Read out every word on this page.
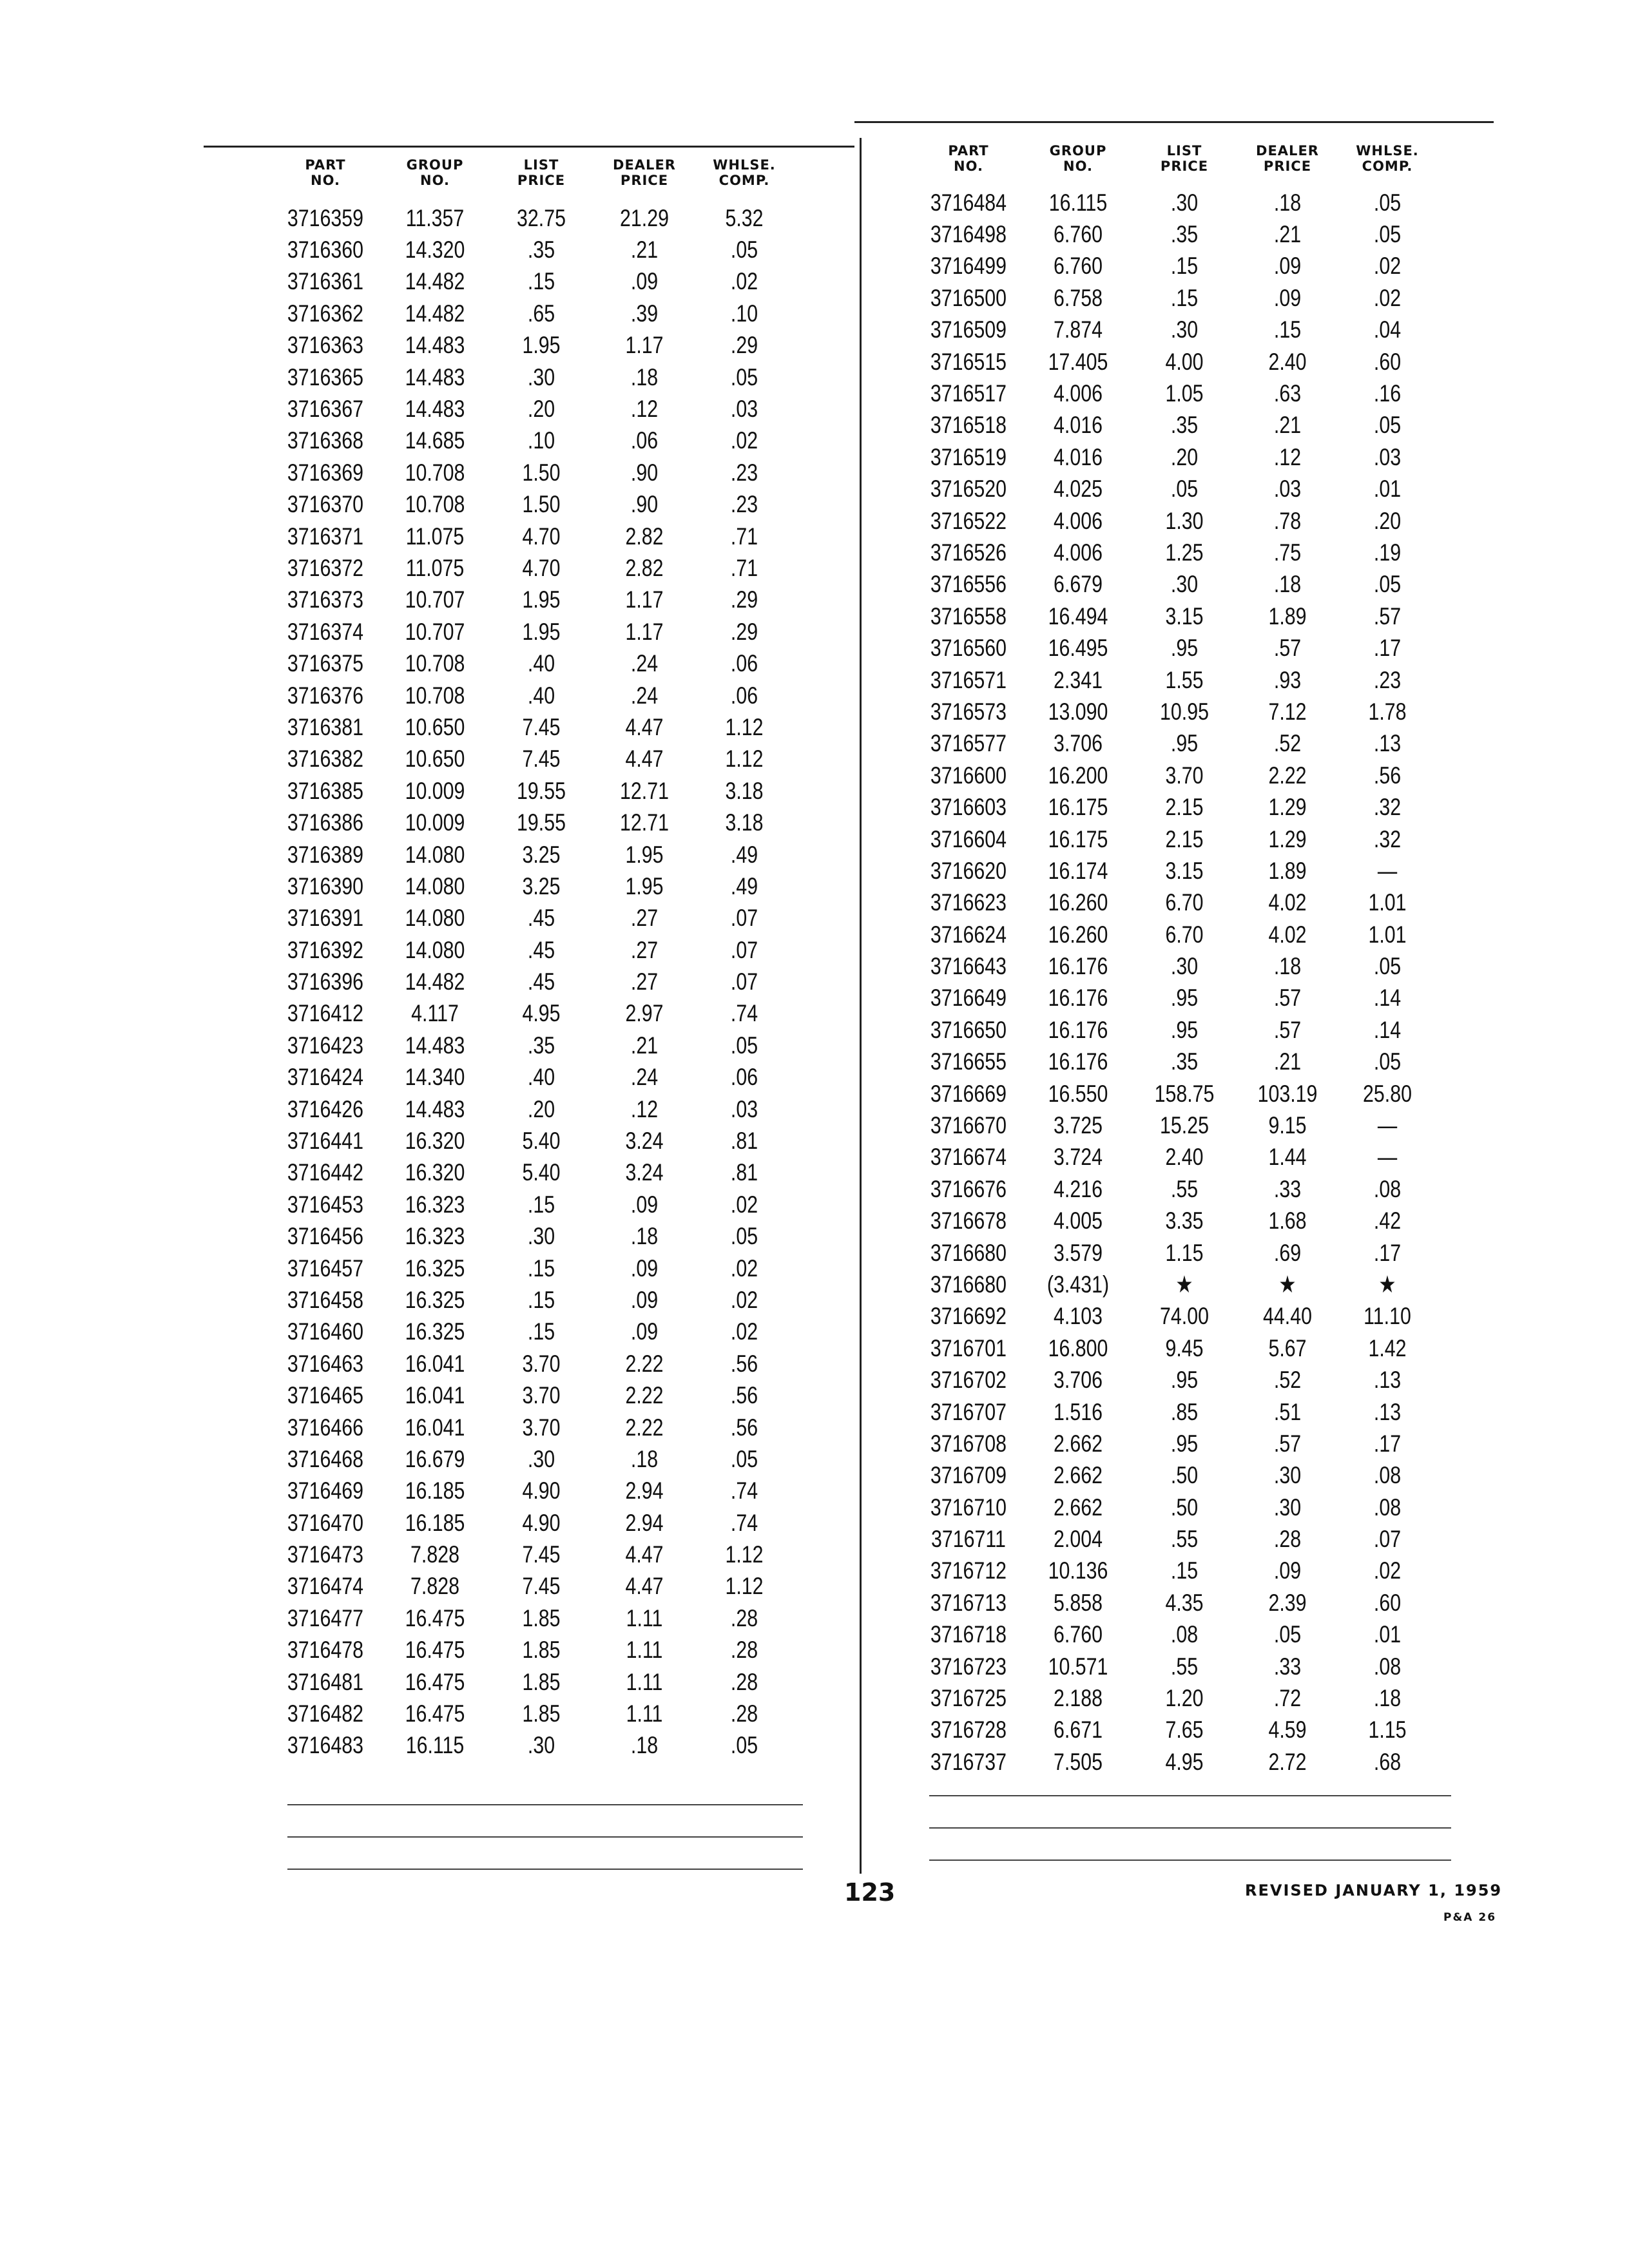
PART
NO.
GROUP
NO.
LIST
PRICE
DEALER
PRICE
WHLSE.
COMP.
3716359	11.357	32.75	21.29	5.32
3716360	14.320	.35	.21	.05
3716361	14.482	.15	.09	.02
3716362	14.482	.65	.39	.10
3716363	14.483	1.95	1.17	.29
3716365	14.483	.30	.18	.05
3716367	14.483	.20	.12	.03
3716368	14.685	.10	.06	.02
3716369	10.708	1.50	.90	.23
3716370	10.708	1.50	.90	.23
3716371	11.075	4.70	2.82	.71
3716372	11.075	4.70	2.82	.71
3716373	10.707	1.95	1.17	.29
3716374	10.707	1.95	1.17	.29
3716375	10.708	.40	.24	.06
3716376	10.708	.40	.24	.06
3716381	10.650	7.45	4.47	1.12
3716382	10.650	7.45	4.47	1.12
3716385	10.009	19.55	12.71	3.18
3716386	10.009	19.55	12.71	3.18
3716389	14.080	3.25	1.95	.49
3716390	14.080	3.25	1.95	.49
3716391	14.080	.45	.27	.07
3716392	14.080	.45	.27	.07
3716396	14.482	.45	.27	.07
3716412	4.117	4.95	2.97	.74
3716423	14.483	.35	.21	.05
3716424	14.340	.40	.24	.06
3716426	14.483	.20	.12	.03
3716441	16.320	5.40	3.24	.81
3716442	16.320	5.40	3.24	.81
3716453	16.323	.15	.09	.02
3716456	16.323	.30	.18	.05
3716457	16.325	.15	.09	.02
3716458	16.325	.15	.09	.02
3716460	16.325	.15	.09	.02
3716463	16.041	3.70	2.22	.56
3716465	16.041	3.70	2.22	.56
3716466	16.041	3.70	2.22	.56
3716468	16.679	.30	.18	.05
3716469	16.185	4.90	2.94	.74
3716470	16.185	4.90	2.94	.74
3716473	7.828	7.45	4.47	1.12
3716474	7.828	7.45	4.47	1.12
3716477	16.475	1.85	1.11	.28
3716478	16.475	1.85	1.11	.28
3716481	16.475	1.85	1.11	.28
3716482	16.475	1.85	1.11	.28
3716483	16.115	.30	.18	.05
PART
NO.
GROUP
NO.
LIST
PRICE
DEALER
PRICE
WHLSE.
COMP.
3716484	16.115	.30	.18	.05
3716498	6.760	.35	.21	.05
3716499	6.760	.15	.09	.02
3716500	6.758	.15	.09	.02
3716509	7.874	.30	.15	.04
3716515	17.405	4.00	2.40	.60
3716517	4.006	1.05	.63	.16
3716518	4.016	.35	.21	.05
3716519	4.016	.20	.12	.03
3716520	4.025	.05	.03	.01
3716522	4.006	1.30	.78	.20
3716526	4.006	1.25	.75	.19
3716556	6.679	.30	.18	.05
3716558	16.494	3.15	1.89	.57
3716560	16.495	.95	.57	.17
3716571	2.341	1.55	.93	.23
3716573	13.090	10.95	7.12	1.78
3716577	3.706	.95	.52	.13
3716600	16.200	3.70	2.22	.56
3716603	16.175	2.15	1.29	.32
3716604	16.175	2.15	1.29	.32
3716620	16.174	3.15	1.89	—
3716623	16.260	6.70	4.02	1.01
3716624	16.260	6.70	4.02	1.01
3716643	16.176	.30	.18	.05
3716649	16.176	.95	.57	.14
3716650	16.176	.95	.57	.14
3716655	16.176	.35	.21	.05
3716669	16.550	158.75	103.19	25.80
3716670	3.725	15.25	9.15	—
3716674	3.724	2.40	1.44	—
3716676	4.216	.55	.33	.08
3716678	4.005	3.35	1.68	.42
3716680	3.579	1.15	.69	.17
3716680	(3.431)	★	★	★
3716692	4.103	74.00	44.40	11.10
3716701	16.800	9.45	5.67	1.42
3716702	3.706	.95	.52	.13
3716707	1.516	.85	.51	.13
3716708	2.662	.95	.57	.17
3716709	2.662	.50	.30	.08
3716710	2.662	.50	.30	.08
3716711	2.004	.55	.28	.07
3716712	10.136	.15	.09	.02
3716713	5.858	4.35	2.39	.60
3716718	6.760	.08	.05	.01
3716723	10.571	.55	.33	.08
3716725	2.188	1.20	.72	.18
3716728	6.671	7.65	4.59	1.15
3716737	7.505	4.95	2.72	.68
123	REVISED JANUARY 1, 1959
P&A 26
